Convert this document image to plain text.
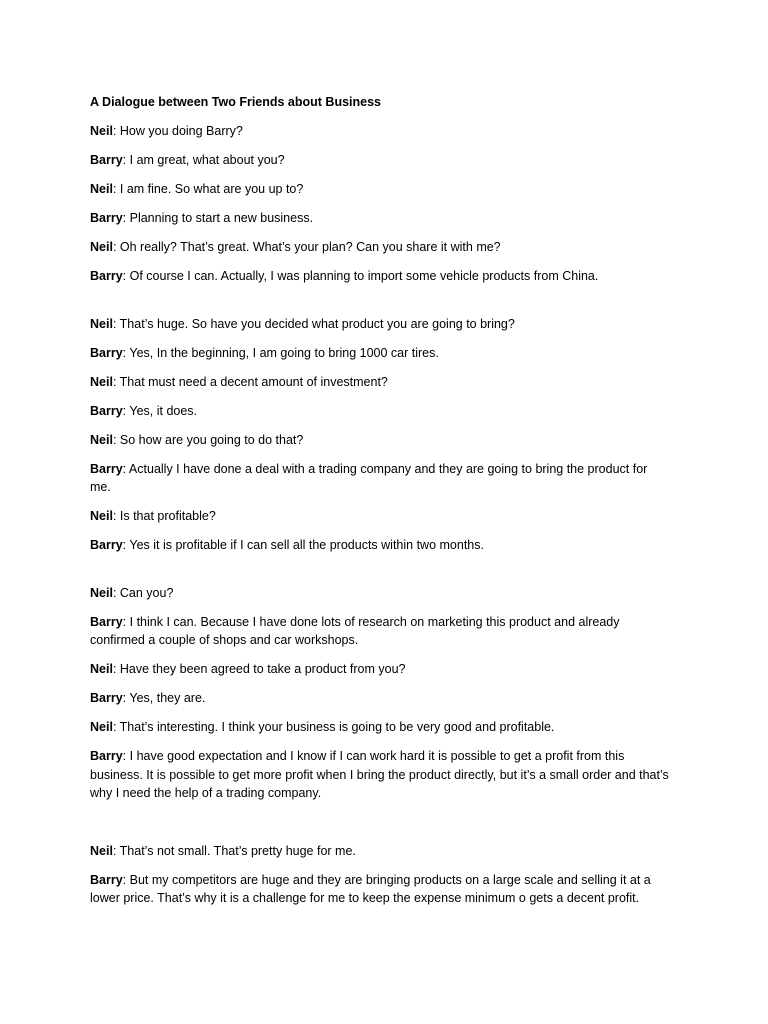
A Dialogue between Two Friends about Business

Neil: How you doing Barry?

Barry: I am great, what about you?

Neil: I am fine. So what are you up to?

Barry: Planning to start a new business.

Neil: Oh really? That’s great. What’s your plan? Can you share it with me?

Barry: Of course I can. Actually, I was planning to import some vehicle products from China.

Neil: That’s huge. So have you decided what product you are going to bring?

Barry: Yes, In the beginning, I am going to bring 1000 car tires.

Neil: That must need a decent amount of investment?

Barry: Yes, it does.

Neil: So how are you going to do that?

Barry: Actually I have done a deal with a trading company and they are going to bring the product for me.

Neil: Is that profitable?

Barry: Yes it is profitable if I can sell all the products within two months.

Neil: Can you?

Barry: I think I can. Because I have done lots of research on marketing this product and already confirmed a couple of shops and car workshops.

Neil: Have they been agreed to take a product from you?

Barry: Yes, they are.

Neil: That’s interesting. I think your business is going to be very good and profitable.

Barry: I have good expectation and I know if I can work hard it is possible to get a profit from this business. It is possible to get more profit when I bring the product directly, but it’s a small order and that’s why I need the help of a trading company.

Neil: That’s not small. That’s pretty huge for me.

Barry: But my competitors are huge and they are bringing products on a large scale and selling it at a lower price. That’s why it is a challenge for me to keep the expense minimum o gets a decent profit.
